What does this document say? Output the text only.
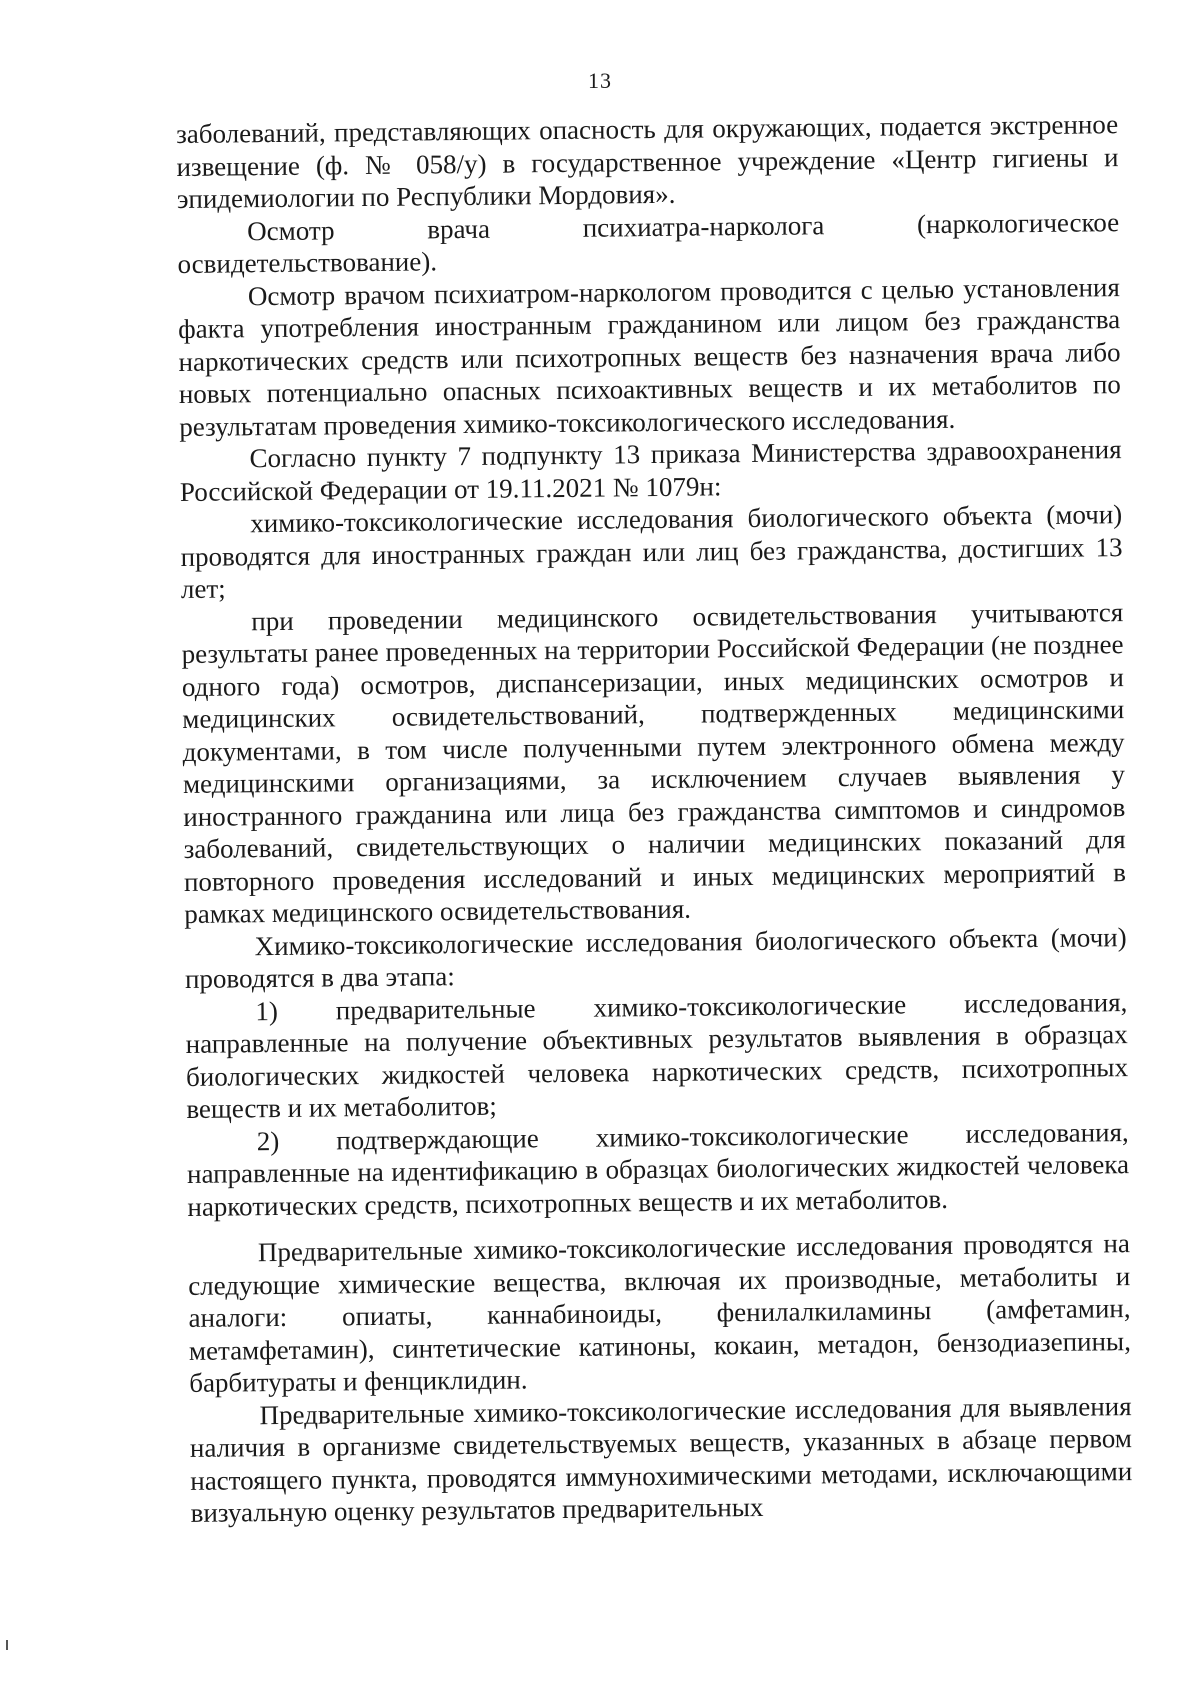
13

заболеваний, представляющих опасность для окружающих, подается экстренное извещение (ф. № 058/у) в государственное учреждение «Центр гигиены и эпидемиологии по Республики Мордовия».

Осмотр врача психиатра-нарколога (наркологическое освидетельствование).

Осмотр врачом психиатром-наркологом проводится с целью установления факта употребления иностранным гражданином или лицом без гражданства наркотических средств или психотропных веществ без назначения врача либо новых потенциально опасных психоактивных веществ и их метаболитов по результатам проведения химико-токсикологического исследования.

Согласно пункту 7 подпункту 13 приказа Министерства здравоохранения Российской Федерации от 19.11.2021 № 1079н:

химико-токсикологические исследования биологического объекта (мочи) проводятся для иностранных граждан или лиц без гражданства, достигших 13 лет;

при проведении медицинского освидетельствования учитываются результаты ранее проведенных на территории Российской Федерации (не позднее одного года) осмотров, диспансеризации, иных медицинских осмотров и медицинских освидетельствований, подтвержденных медицинскими документами, в том числе полученными путем электронного обмена между медицинскими организациями, за исключением случаев выявления у иностранного гражданина или лица без гражданства симптомов и синдромов заболеваний, свидетельствующих о наличии медицинских показаний для повторного проведения исследований и иных медицинских мероприятий в рамках медицинского освидетельствования.

Химико-токсикологические исследования биологического объекта (мочи) проводятся в два этапа:

1) предварительные химико-токсикологические исследования, направленные на получение объективных результатов выявления в образцах биологических жидкостей человека наркотических средств, психотропных веществ и их метаболитов;

2) подтверждающие химико-токсикологические исследования, направленные на идентификацию в образцах биологических жидкостей человека наркотических средств, психотропных веществ и их метаболитов.

Предварительные химико-токсикологические исследования проводятся на следующие химические вещества, включая их производные, метаболиты и аналоги: опиаты, каннабиноиды, фенилалкиламины (амфетамин, метамфетамин), синтетические катиноны, кокаин, метадон, бензодиазепины, барбитураты и фенциклидин.

Предварительные химико-токсикологические исследования для выявления наличия в организме свидетельствуемых веществ, указанных в абзаце первом настоящего пункта, проводятся иммунохимическими методами, исключающими визуальную оценку результатов предварительных
